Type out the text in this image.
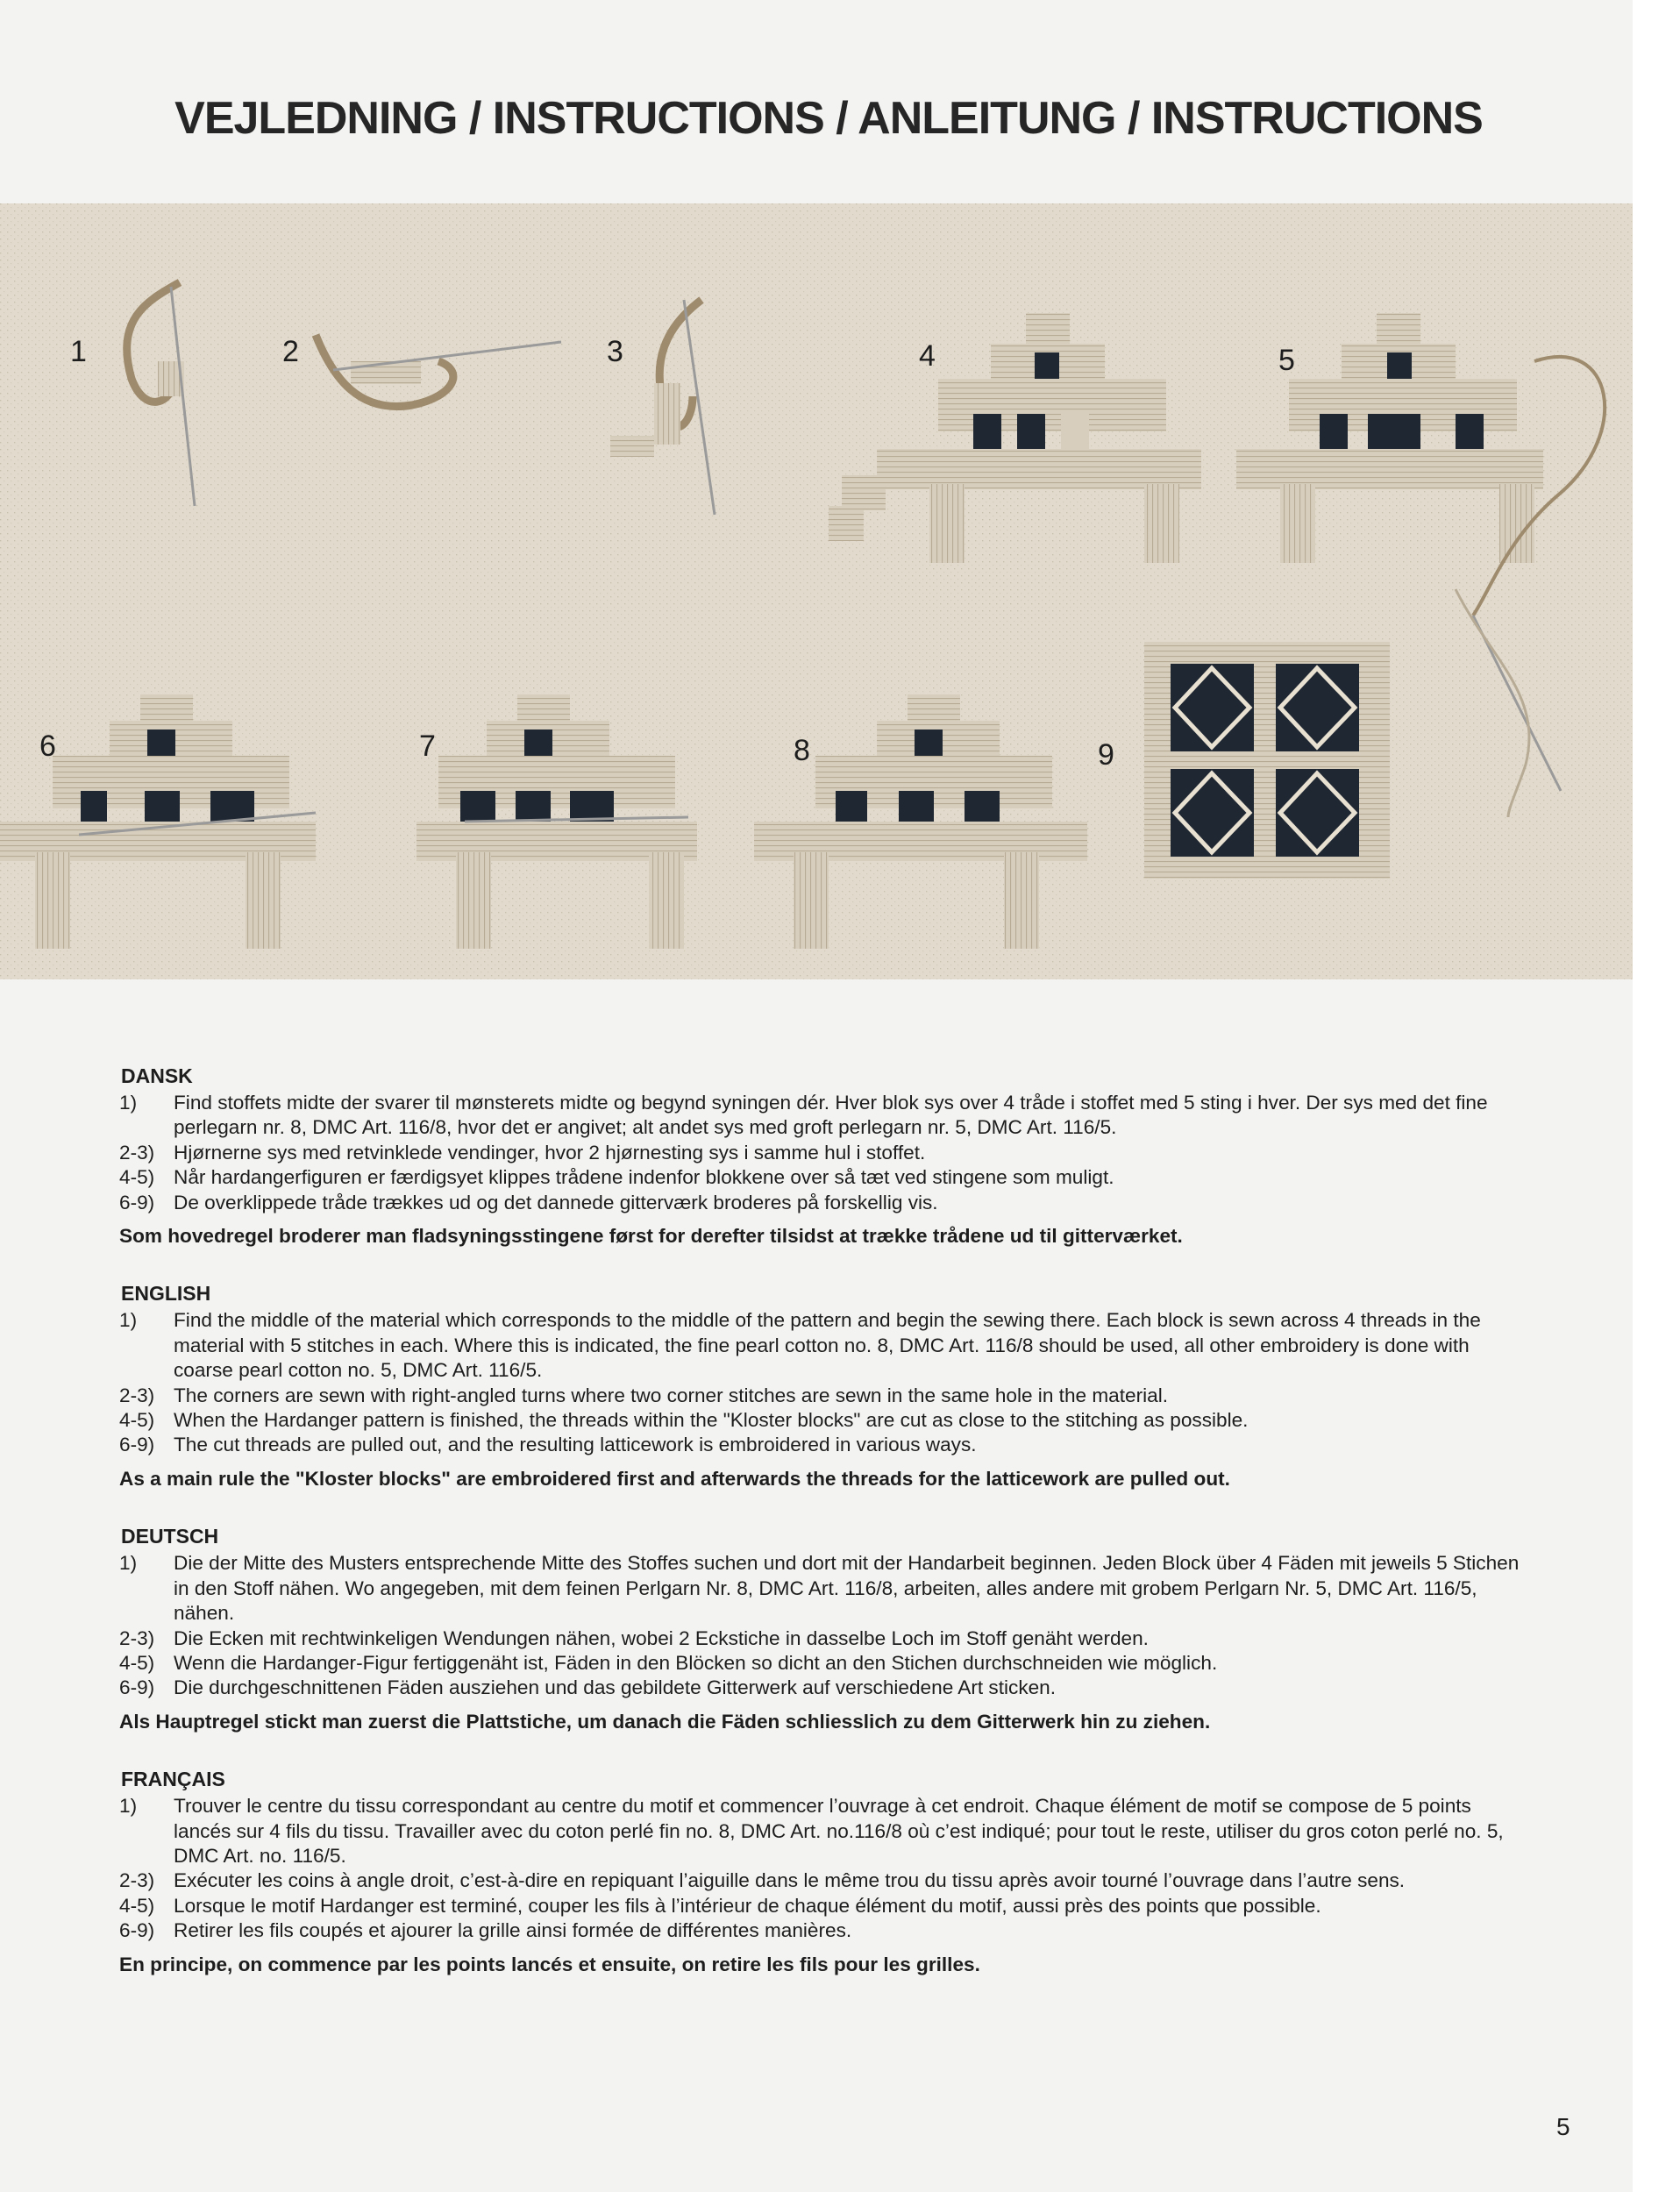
VEJLEDNING / INSTRUCTIONS / ANLEITUNG / INSTRUCTIONS
1	2	3	4	5
6	7	8	9
DANSK
1)	Find stoffets midte der svarer til mønsterets midte og begynd syningen dér. Hver blok sys over 4 tråde i stoffet med 5 sting i hver. Der sys med det fine perlegarn nr. 8, DMC Art. 116/8, hvor det er angivet; alt andet sys med groft perlegarn nr. 5, DMC Art. 116/5.
2-3) Hjørnerne sys med retvinklede vendinger, hvor 2 hjørnesting sys i samme hul i stoffet.
4-5) Når hardangerfiguren er færdigsyet klippes trådene indenfor blokkene over så tæt ved stingene som muligt.
6-9) De overklippede tråde trækkes ud og det dannede gitterværk broderes på forskellig vis.
Som hovedregel broderer man fladsyningsstingene først for derefter tilsidst at trække trådene ud til gitterværket.
ENGLISH
1)	Find the middle of the material which corresponds to the middle of the pattern and begin the sewing there. Each block is sewn across 4 threads in the material with 5 stitches in each. Where this is indicated, the fine pearl cotton no. 8, DMC Art. 116/8 should be used, all other embroidery is done with coarse pearl cotton no. 5, DMC Art. 116/5.
2-3) The corners are sewn with right-angled turns where two corner stitches are sewn in the same hole in the material.
4-5) When the Hardanger pattern is finished, the threads within the "Kloster blocks" are cut as close to the stitching as possible.
6-9) The cut threads are pulled out, and the resulting latticework is embroidered in various ways.
As a main rule the "Kloster blocks" are embroidered first and afterwards the threads for the latticework are pulled out.
DEUTSCH
1)	Die der Mitte des Musters entsprechende Mitte des Stoffes suchen und dort mit der Handarbeit beginnen. Jeden Block über 4 Fäden mit jeweils 5 Stichen in den Stoff nähen. Wo angegeben, mit dem feinen Perlgarn Nr. 8, DMC Art. 116/8, arbeiten, alles andere mit grobem Perlgarn Nr. 5, DMC Art. 116/5, nähen.
2-3) Die Ecken mit rechtwinkeligen Wendungen nähen, wobei 2 Eckstiche in dasselbe Loch im Stoff genäht werden.
4-5) Wenn die Hardanger-Figur fertiggenäht ist, Fäden in den Blöcken so dicht an den Stichen durchschneiden wie möglich.
6-9) Die durchgeschnittenen Fäden ausziehen und das gebildete Gitterwerk auf verschiedene Art sticken.
Als Hauptregel stickt man zuerst die Plattstiche, um danach die Fäden schliesslich zu dem Gitterwerk hin zu ziehen.
FRANÇAIS
1)	Trouver le centre du tissu correspondant au centre du motif et commencer l’ouvrage à cet endroit. Chaque élément de motif se compose de 5 points lancés sur 4 fils du tissu. Travailler avec du coton perlé fin no. 8, DMC Art. no.116/8 où c’est indiqué; pour tout le reste, utiliser du gros coton perlé no. 5, DMC Art. no. 116/5.
2-3) Exécuter les coins à angle droit, c’est-à-dire en repiquant l’aiguille dans le même trou du tissu après avoir tourné l’ouvrage dans l’autre sens.
4-5) Lorsque le motif Hardanger est terminé, couper les fils à l’intérieur de chaque élément du motif, aussi près des points que possible.
6-9) Retirer les fils coupés et ajourer la grille ainsi formée de différentes manières.
En principe, on commence par les points lancés et ensuite, on retire les fils pour les grilles.
5
